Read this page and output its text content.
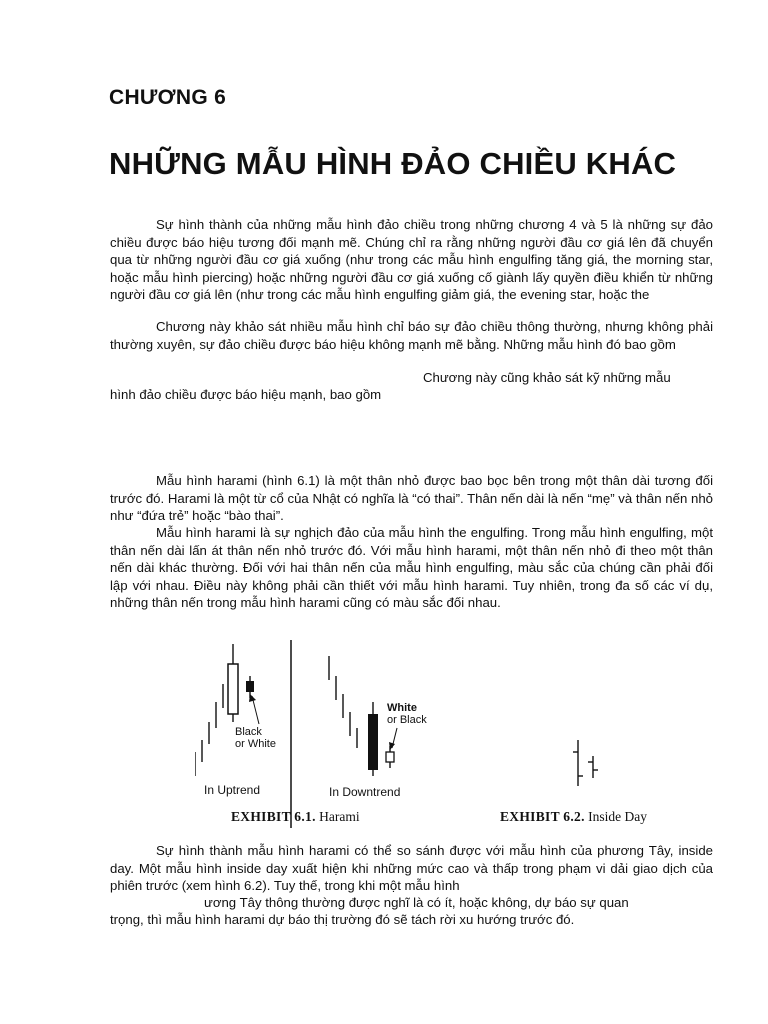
CHƯƠNG 6
NHỮNG MẪU HÌNH ĐẢO CHIỀU KHÁC

Sự hình thành của những mẫu hình đảo chiều trong những chương 4 và 5 là những sự đảo chiều được báo hiệu tương đối mạnh mẽ. Chúng chỉ ra rằng những người đầu cơ giá lên đã chuyển qua từ những người đầu cơ giá xuống (như trong các mẫu hình engulfing tăng giá, the morning star, hoặc mẫu hình piercing) hoặc những người đầu cơ giá xuống cố giành lấy quyền điều khiển từ những người đầu cơ giá lên (như trong các mẫu hình engulfing giảm giá, the evening star, hoặc the

Chương này khảo sát nhiều mẫu hình chỉ báo sự đảo chiều thông thường, nhưng không phải thường xuyên, sự đảo chiều được báo hiệu không mạnh mẽ bằng. Những mẫu hình đó bao gồm

Chương này cũng khảo sát kỹ những mẫu
hình đảo chiều được báo hiệu mạnh, bao gồm

Mẫu hình harami (hình 6.1) là một thân nhỏ được bao bọc bên trong một thân dài tương đối trước đó. Harami là một từ cổ của Nhật có nghĩa là “có thai”. Thân nến dài là nến “mẹ” và thân nến nhỏ như “đứa trẻ” hoặc “bào thai”.

Mẫu hình harami là sự nghịch đảo của mẫu hình the engulfing. Trong mẫu hình engulfing, một thân nến dài lấn át thân nến nhỏ trước đó. Với mẫu hình harami, một thân nến nhỏ đi theo một thân nến dài khác thường. Đối với hai thân nến của mẫu hình engulfing, màu sắc của chúng cần phải đối lập với nhau. Điều này không phải cần thiết với mẫu hình harami. Tuy nhiên, trong đa số các ví dụ, những thân nến trong mẫu hình harami cũng có màu sắc đối nhau.

Black
or White
White
or Black
In Uptrend	In Downtrend
EXHIBIT 6.1. Harami	EXHIBIT 6.2. Inside Day

Sự hình thành mẫu hình harami có thể so sánh được với mẫu hình của phương Tây, inside day. Một mẫu hình inside day xuất hiện khi những mức cao và thấp trong phạm vi dải giao dịch của phiên trước (xem hình 6.2). Tuy thế, trong khi một mẫu hình

ương Tây thông thường được nghĩ là có ít, hoặc không, dự báo sự quan
trọng, thì mẫu hình harami dự báo thị trường đó sẽ tách rời xu hướng trước đó.
